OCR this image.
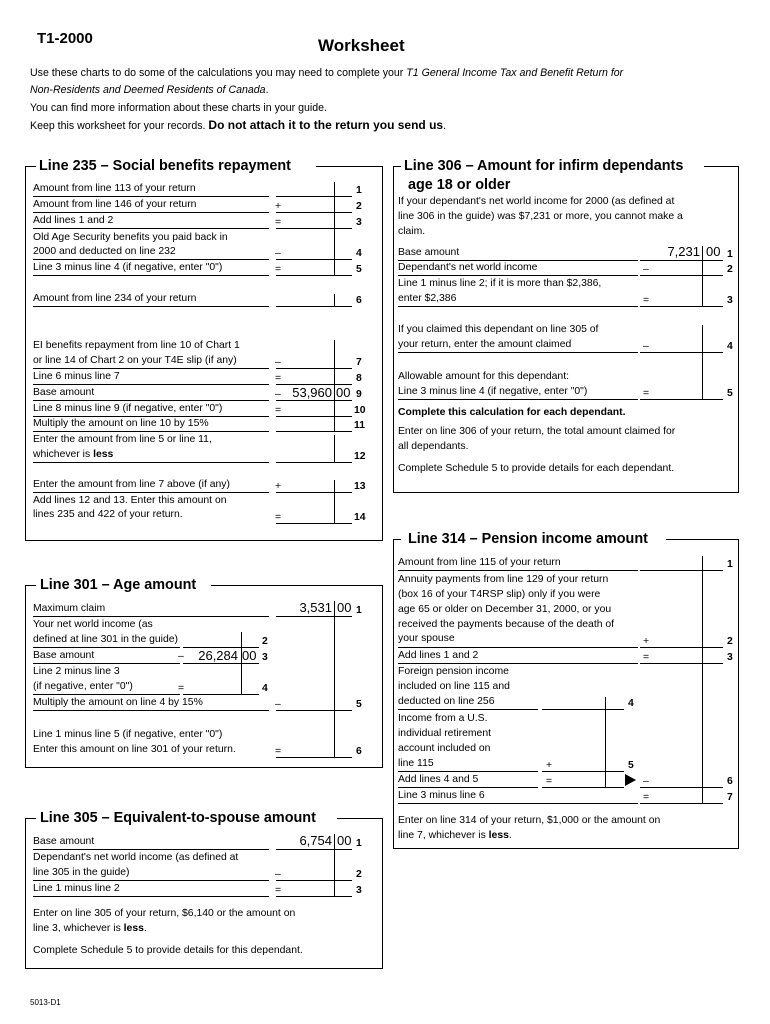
T1-2000	Worksheet
Use these charts to do some of the calculations you may need to complete your T1 General Income Tax and Benefit Return for
Non-Residents and Deemed Residents of Canada.
You can find more information about these charts in your guide.
Keep this worksheet for your records. Do not attach it to the return you send us.
Line 235 – Social benefits repayment
Amount from line 113 of your return	1
Amount from line 146 of your return	+	2
Add lines 1 and 2	=	3
Old Age Security benefits you paid back in
2000 and deducted on line 232	–	4
Line 3 minus line 4 (if negative, enter "0")	=	5
Amount from line 234 of your return	6
EI benefits repayment from line 10 of Chart 1
or line 14 of Chart 2 on your T4E slip (if any)	–	7
Line 6 minus line 7	=	8
Base amount	– 53,960 00 9
Line 8 minus line 9 (if negative, enter "0")	=	10
Multiply the amount on line 10 by 15%	11
Enter the amount from line 5 or line 11,
whichever is less	12
Enter the amount from line 7 above (if any)	+	13
Add lines 12 and 13. Enter this amount on
lines 235 and 422 of your return.	=	14
Line 306 – Amount for infirm dependants
age 18 or older
If your dependant's net world income for 2000 (as defined at
line 306 in the guide) was $7,231 or more, you cannot make a
claim.
Base amount	7,231 00 1
Dependant's net world income	–	2
Line 1 minus line 2; if it is more than $2,386,
enter $2,386	=	3
If you claimed this dependant on line 305 of
your return, enter the amount claimed	–	4
Allowable amount for this dependant:
Line 3 minus line 4 (if negative, enter "0")	=	5
Complete this calculation for each dependant.
Enter on line 306 of your return, the total amount claimed for
all dependants.
Complete Schedule 5 to provide details for each dependant.
Line 301 – Age amount
Maximum claim	3,531 00 1
Your net world income (as
defined at line 301 in the guide)	2
Base amount	–	26,284 00 3
Line 2 minus line 3
(if negative, enter "0")	=	4
Multiply the amount on line 4 by 15%	–	5
Line 1 minus line 5 (if negative, enter "0")
Enter this amount on line 301 of your return.	=	6
Line 314 – Pension income amount
Amount from line 115 of your return	1
Annuity payments from line 129 of your return
(box 16 of your T4RSP slip) only if you were
age 65 or older on December 31, 2000, or you
received the payments because of the death of
your spouse	+	2
Add lines 1 and 2	=	3
Foreign pension income
included on line 115 and
deducted on line 256	4
Income from a U.S.
individual retirement
account included on
line 115	+	5
Add lines 4 and 5	=	–	6
Line 3 minus line 6	=	7
Enter on line 314 of your return, $1,000 or the amount on
line 7, whichever is less.
Line 305 – Equivalent-to-spouse amount
Base amount	6,754 00 1
Dependant's net world income (as defined at
line 305 in the guide)	–	2
Line 1 minus line 2	=	3
Enter on line 305 of your return, $6,140 or the amount on
line 3, whichever is less.
Complete Schedule 5 to provide details for this dependant.
5013-D1
